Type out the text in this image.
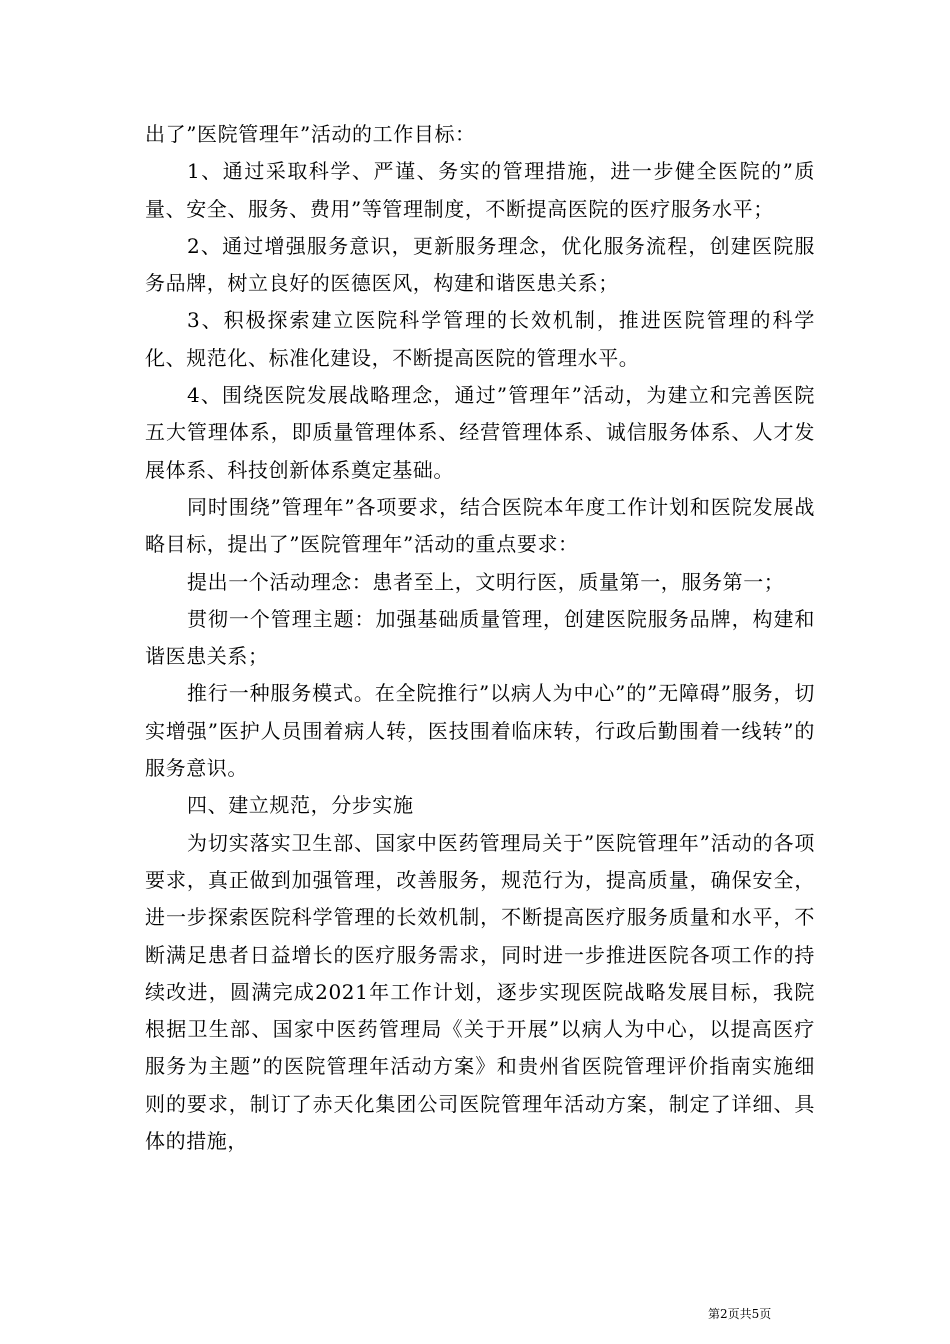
出了”医院管理年”活动的工作目标：

1、通过采取科学、严谨、务实的管理措施，进一步健全医院的”质量、安全、服务、费用”等管理制度，不断提高医院的医疗服务水平；

2、通过增强服务意识，更新服务理念，优化服务流程，创建医院服务品牌，树立良好的医德医风，构建和谐医患关系；

3、积极探索建立医院科学管理的长效机制，推进医院管理的科学化、规范化、标准化建设，不断提高医院的管理水平。

4、围绕医院发展战略理念，通过”管理年”活动，为建立和完善医院五大管理体系，即质量管理体系、经营管理体系、诚信服务体系、人才发展体系、科技创新体系奠定基础。

同时围绕”管理年”各项要求，结合医院本年度工作计划和医院发展战略目标，提出了”医院管理年”活动的重点要求：

提出一个活动理念：患者至上，文明行医，质量第一，服务第一；

贯彻一个管理主题：加强基础质量管理，创建医院服务品牌，构建和谐医患关系；

推行一种服务模式。在全院推行”以病人为中心”的”无障碍”服务，切实增强”医护人员围着病人转，医技围着临床转，行政后勤围着一线转”的服务意识。

四、建立规范，分步实施

为切实落实卫生部、国家中医药管理局关于”医院管理年”活动的各项要求，真正做到加强管理，改善服务，规范行为，提高质量，确保安全，进一步探索医院科学管理的长效机制，不断提高医疗服务质量和水平，不断满足患者日益增长的医疗服务需求，同时进一步推进医院各项工作的持续改进，圆满完成2021年工作计划，逐步实现医院战略发展目标，我院根据卫生部、国家中医药管理局《关于开展”以病人为中心，以提高医疗服务为主题”的医院管理年活动方案》和贵州省医院管理评价指南实施细则的要求，制订了赤天化集团公司医院管理年活动方案，制定了详细、具体的措施，

第2页共5页
